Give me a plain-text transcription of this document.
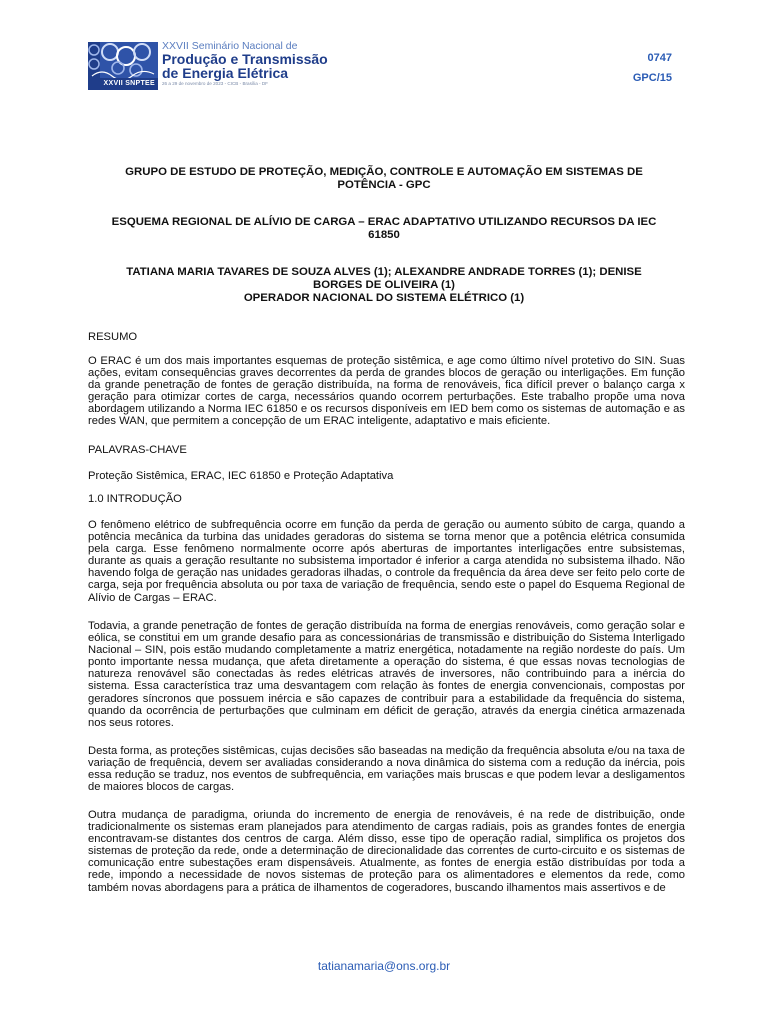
XXVII SNPTEE
XXVII Seminário Nacional de
Produção e Transmissão
de Energia Elétrica
26 a 29 de novembro de 2023 - CICB - Brasília - DF
0747
GPC/15
GRUPO DE ESTUDO DE PROTEÇÃO, MEDIÇÃO, CONTROLE E AUTOMAÇÃO EM SISTEMAS DE POTÊNCIA - GPC
ESQUEMA REGIONAL DE ALÍVIO DE CARGA – ERAC ADAPTATIVO UTILIZANDO RECURSOS DA IEC 61850
TATIANA MARIA TAVARES DE SOUZA ALVES (1); ALEXANDRE ANDRADE TORRES (1); DENISE BORGES DE OLIVEIRA (1)
OPERADOR NACIONAL DO SISTEMA ELÉTRICO (1)
RESUMO
O ERAC é um dos mais importantes esquemas de proteção sistêmica, e age como último nível protetivo do SIN. Suas ações, evitam consequências graves decorrentes da perda de grandes blocos de geração ou interligações. Em função da grande penetração de fontes de geração distribuída, na forma de renováveis, fica difícil prever o balanço carga x geração para otimizar cortes de carga, necessários quando ocorrem perturbações. Este trabalho propõe uma nova abordagem utilizando a Norma IEC 61850 e os recursos disponíveis em IED bem como os sistemas de automação e as redes WAN, que permitem a concepção de um ERAC inteligente, adaptativo e mais eficiente.
PALAVRAS-CHAVE
Proteção Sistêmica, ERAC, IEC 61850 e Proteção Adaptativa
1.0 INTRODUÇÃO
O fenômeno elétrico de subfrequência ocorre em função da perda de geração ou aumento súbito de carga, quando a potência mecânica da turbina das unidades geradoras do sistema se torna menor que a potência elétrica consumida pela carga. Esse fenômeno normalmente ocorre após aberturas de importantes interligações entre subsistemas, durante as quais a geração resultante no subsistema importador é inferior a carga atendida no subsistema ilhado. Não havendo folga de geração nas unidades geradoras ilhadas, o controle da frequência da área deve ser feito pelo corte de carga, seja por frequência absoluta ou por taxa de variação de frequência, sendo este o papel do Esquema Regional de Alívio de Cargas – ERAC.
Todavia, a grande penetração de fontes de geração distribuída na forma de energias renováveis, como geração solar e eólica, se constitui em um grande desafio para as concessionárias de transmissão e distribuição do Sistema Interligado Nacional – SIN, pois estão mudando completamente a matriz energética, notadamente na região nordeste do país. Um ponto importante nessa mudança, que afeta diretamente a operação do sistema, é que essas novas tecnologias de natureza renovável são conectadas às redes elétricas através de inversores, não contribuindo para a inércia do sistema. Essa característica traz uma desvantagem com relação às fontes de energia convencionais, compostas por geradores síncronos que possuem inércia e são capazes de contribuir para a estabilidade da frequência do sistema, quando da ocorrência de perturbações que culminam em déficit de geração, através da energia cinética armazenada nos seus rotores.
Desta forma, as proteções sistêmicas, cujas decisões são baseadas na medição da frequência absoluta e/ou na taxa de variação de frequência, devem ser avaliadas considerando a nova dinâmica do sistema com a redução da inércia, pois essa redução se traduz, nos eventos de subfrequência, em variações mais bruscas e que podem levar a desligamentos de maiores blocos de cargas.
Outra mudança de paradigma, oriunda do incremento de energia de renováveis, é na rede de distribuição, onde tradicionalmente os sistemas eram planejados para atendimento de cargas radiais, pois as grandes fontes de energia encontravam-se distantes dos centros de carga. Além disso, esse tipo de operação radial, simplifica os projetos dos sistemas de proteção da rede, onde a determinação de direcionalidade das correntes de curto-circuito e os sistemas de comunicação entre subestações eram dispensáveis. Atualmente, as fontes de energia estão distribuídas por toda a rede, impondo a necessidade de novos sistemas de proteção para os alimentadores e elementos da rede, como também novas abordagens para a prática de ilhamentos de cogeradores, buscando ilhamentos mais assertivos e de
tatianamaria@ons.org.br
